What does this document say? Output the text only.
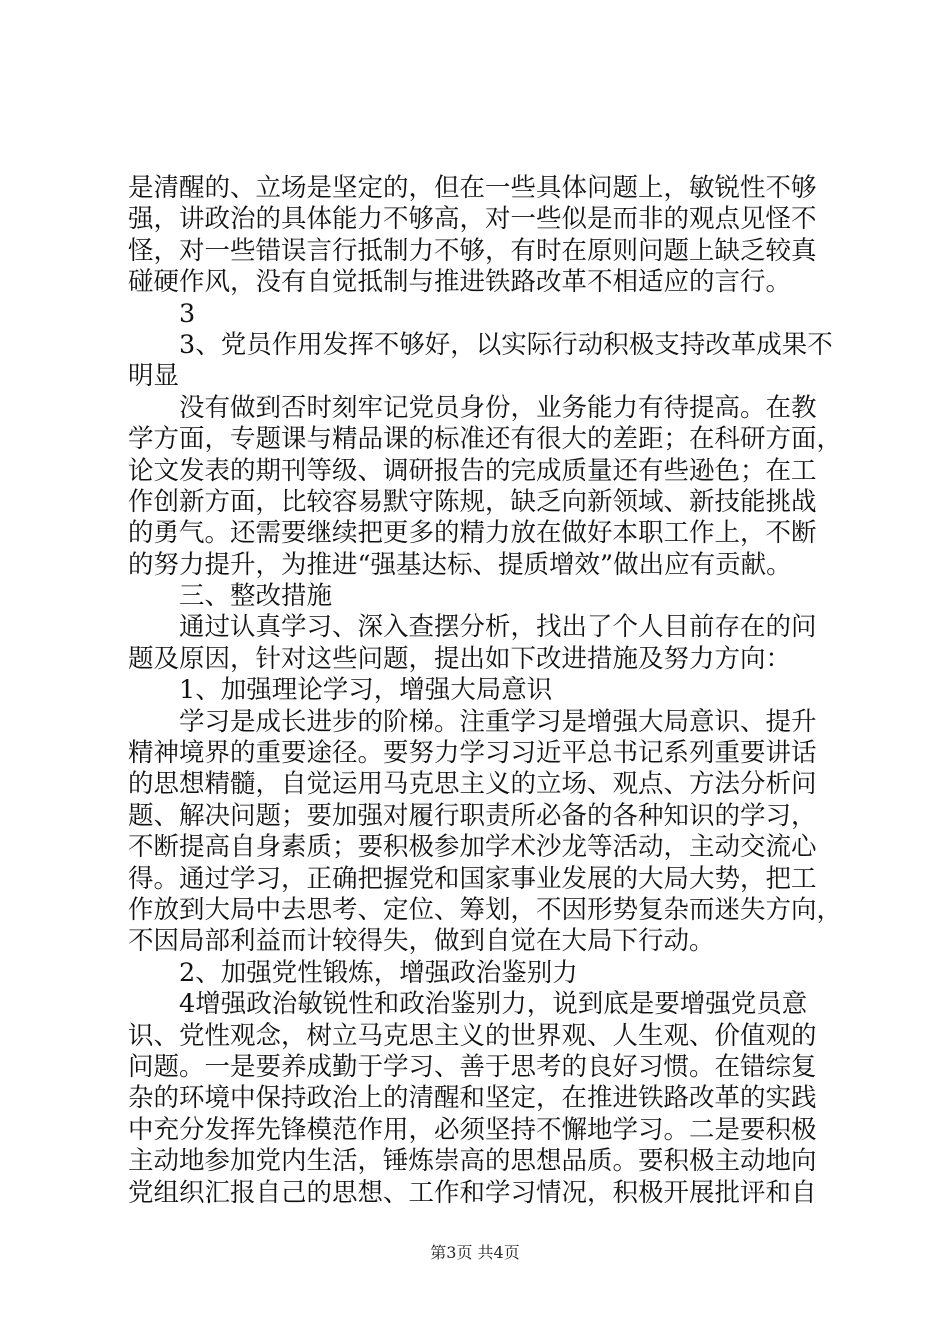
是清醒的、立场是坚定的，但在一些具体问题上，敏锐性不够
强，讲政治的具体能力不够高，对一些似是而非的观点见怪不
怪，对一些错误言行抵制力不够，有时在原则问题上缺乏较真
碰硬作风，没有自觉抵制与推进铁路改革不相适应的言行。
3
3、党员作用发挥不够好，以实际行动积极支持改革成果不
明显
没有做到否时刻牢记党员身份，业务能力有待提高。在教
学方面，专题课与精品课的标准还有很大的差距；在科研方面，
论文发表的期刊等级、调研报告的完成质量还有些逊色；在工
作创新方面，比较容易默守陈规，缺乏向新领域、新技能挑战
的勇气。还需要继续把更多的精力放在做好本职工作上，不断
的努力提升，为推进“强基达标、提质增效”做出应有贡献。
三、整改措施
通过认真学习、深入查摆分析，找出了个人目前存在的问
题及原因，针对这些问题，提出如下改进措施及努力方向：
1、加强理论学习，增强大局意识
学习是成长进步的阶梯。注重学习是增强大局意识、提升
精神境界的重要途径。要努力学习习近平总书记系列重要讲话
的思想精髓，自觉运用马克思主义的立场、观点、方法分析问
题、解决问题；要加强对履行职责所必备的各种知识的学习，
不断提高自身素质；要积极参加学术沙龙等活动，主动交流心
得。通过学习，正确把握党和国家事业发展的大局大势，把工
作放到大局中去思考、定位、筹划，不因形势复杂而迷失方向，
不因局部利益而计较得失，做到自觉在大局下行动。
2、加强党性锻炼，增强政治鉴别力
4增强政治敏锐性和政治鉴别力，说到底是要增强党员意
识、党性观念，树立马克思主义的世界观、人生观、价值观的
问题。一是要养成勤于学习、善于思考的良好习惯。在错综复
杂的环境中保持政治上的清醒和坚定，在推进铁路改革的实践
中充分发挥先锋模范作用，必须坚持不懈地学习。二是要积极
主动地参加党内生活，锤炼崇高的思想品质。要积极主动地向
党组织汇报自己的思想、工作和学习情况，积极开展批评和自
第3页 共4页
